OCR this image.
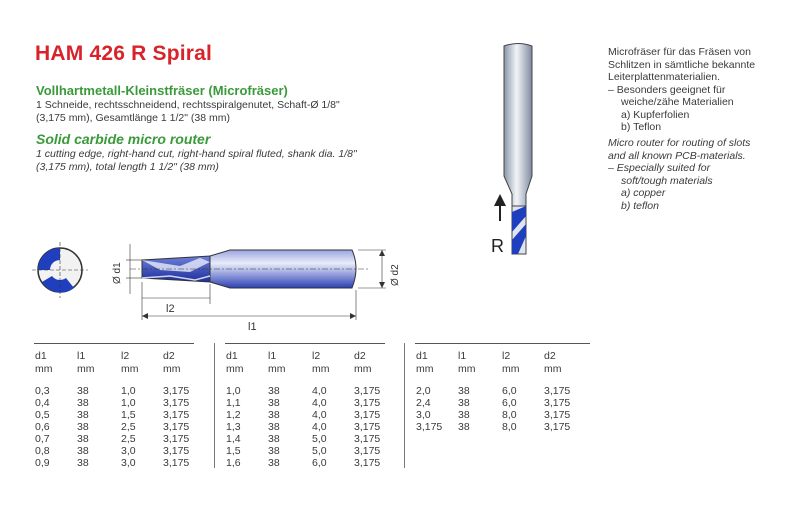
HAM 426 R Spiral
Vollhartmetall-Kleinstfräser (Microfräser)
1 Schneide, rechtsschneidend, rechtsspiralgenutet, Schaft-Ø 1/8"
(3,175 mm), Gesamtlänge 1 1/2" (38 mm)
Solid carbide micro router
1 cutting edge, right-hand cut, right-hand spiral fluted, shank dia. 1/8"
(3,175 mm), total length 1 1/2" (38 mm)
Microfräser für das Fräsen von
Schlitzen in sämtliche bekannte
Leiterplattenmaterialien.
– Besonders geeignet für
weiche/zähe Materialien
a) Kupferfolien
b) Teflon
Micro router for routing of slots
and all known PCB-materials.
– Especially suited for
soft/tough materials
a) copper
b) teflon
R
Ø d1	Ø d2
l2
l1
d1	l1	l2	d2
mm	mm	mm	mm

0,3	38	1,0	3,175
0,4	38	1,0	3,175
0,5	38	1,5	3,175
0,6	38	2,5	3,175
0,7	38	2,5	3,175
0,8	38	3,0	3,175
0,9	38	3,0	3,175
d1	l1	l2	d2
mm	mm	mm	mm

1,0	38	4,0	3,175
1,1	38	4,0	3,175
1,2	38	4,0	3,175
1,3	38	4,0	3,175
1,4	38	5,0	3,175
1,5	38	5,0	3,175
1,6	38	6,0	3,175
d1	l1	l2	d2
mm	mm	mm	mm

2,0	38	6,0	3,175
2,4	38	6,0	3,175
3,0	38	8,0	3,175
3,175	38	8,0	3,175
